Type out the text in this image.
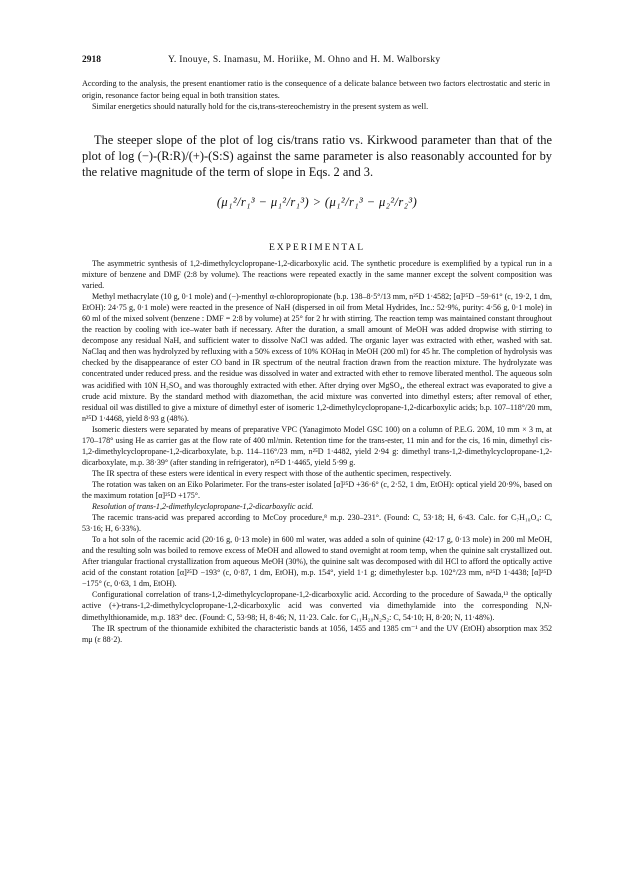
2918	Y. Inouye, S. Inamasu, M. Horiike, M. Ohno and H. M. Walborsky

According to the analysis, the present enantiomer ratio is the consequence of a delicate balance between two factors electrostatic and steric in origin, resonance factor being equal in both transition states.

Similar energetics should naturally hold for the cis,trans-stereochemistry in the present system as well.

The steeper slope of the plot of log cis/trans ratio vs. Kirkwood parameter than that of the plot of log (−)-(R:R)/(+)-(S:S) against the same parameter is also reasonably accounted for by the relative magnitude of the term of slope in Eqs. 2 and 3.

(μ₁²/r₁³ − μ₁²/r₁³) > (μ₁²/r₁³ − μ₂²/r₂³)
EXPERIMENTAL

The asymmetric synthesis of 1,2-dimethylcyclopropane-1,2-dicarboxylic acid. The synthetic procedure is exemplified by a typical run in a mixture of benzene and DMF (2:8 by volume). The reactions were repeated exactly in the same manner except the solvent composition was varied.

Methyl methacrylate (10 g, 0·1 mole) and (−)-menthyl α-chloropropionate (b.p. 138–8·5°/13 mm, n²⁵D 1·4582; [α]²⁵D −59·61° (c, 19·2, 1 dm, EtOH): 24·75 g, 0·1 mole) were reacted in the presence of NaH (dispersed in oil from Metal Hydrides, Inc.: 52·9%, purity: 4·56 g, 0·1 mole) in 60 ml of the mixed solvent (benzene : DMF = 2:8 by volume) at 25° for 2 hr with stirring. The reaction temp was maintained constant throughout the reaction by cooling with ice–water bath if necessary. After the duration, a small amount of MeOH was added dropwise with stirring to decompose any residual NaH, and sufficient water to dissolve NaCl was added. The organic layer was extracted with ether, washed with sat. NaClaq and then was hydrolyzed by refluxing with a 50% excess of 10% KOHaq in MeOH (200 ml) for 45 hr. The completion of hydrolysis was checked by the disappearance of ester CO band in IR spectrum of the neutral fraction drawn from the reaction mixture. The hydrolyzate was concentrated under reduced press. and the residue was dissolved in water and extracted with ether to remove liberated menthol. The aqueous soln was acidified with 10N H₂SO₄ and was thoroughly extracted with ether. After drying over MgSO₄, the ethereal extract was evaporated to give a crude acid mixture. By the standard method with diazomethan, the acid mixture was converted into dimethyl esters; after removal of ether, residual oil was distilled to give a mixture of dimethyl ester of isomeric 1,2-dimethylcyclopropane-1,2-dicarboxylic acids; b.p. 107–118°/20 mm, n²⁵D 1·4468, yield 8·93 g (48%).

Isomeric diesters were separated by means of preparative VPC (Yanagimoto Model GSC 100) on a column of P.E.G. 20M, 10 mm × 3 m, at 170–178° using He as carrier gas at the flow rate of 400 ml/min. Retention time for the trans-ester, 11 min and for the cis, 16 min, dimethyl cis-1,2-dimethylcyclopropane-1,2-dicarboxylate, b.p. 114–116°/23 mm, n²⁵D 1·4482, yield 2·94 g: dimethyl trans-1,2-dimethylcyclopropane-1,2-dicarboxylate, m.p. 38·39° (after standing in refrigerator), n²⁵D 1·4465, yield 5·99 g.

The IR spectra of these esters were identical in every respect with those of the authentic specimen, respectively.

The rotation was taken on an Eiko Polarimeter. For the trans-ester isolated [α]²⁵D +36·6° (c, 2·52, 1 dm, EtOH): optical yield 20·9%, based on the maximum rotation [α]²⁵D +175°.

Resolution of trans-1,2-dimethylcyclopropane-1,2-dicarboxylic acid.

The racemic trans-acid was prepared according to McCoy procedure,⁸ m.p. 230–231°. (Found: C, 53·18; H, 6·43. Calc. for C₇H₁₀O₄: C, 53·16; H, 6·33%).

To a hot soln of the racemic acid (20·16 g, 0·13 mole) in 600 ml water, was added a soln of quinine (42·17 g, 0·13 mole) in 200 ml MeOH, and the resulting soln was boiled to remove excess of MeOH and allowed to stand overnight at room temp, when the quinine salt crystallized out. After triangular fractional crystallization from aqueous MeOH (30%), the quinine salt was decomposed with dil HCl to afford the optically active acid of the constant rotation [α]²⁵D −193° (c, 0·87, 1 dm, EtOH), m.p. 154°, yield 1·1 g; dimethylester b.p. 102°/23 mm, n²⁵D 1·4438; [α]²⁵D −175° (c, 0·63, 1 dm, EtOH).

Configurational correlation of trans-1,2-dimethylcyclopropane-1,2-dicarboxylic acid. According to the procedure of Sawada,¹³ the optically active (+)-trans-1,2-dimethylcyclopropane-1,2-dicarboxylic acid was converted via dimethylamide into the corresponding N,N-dimethylthionamide, m.p. 183° dec. (Found: C, 53·98; H, 8·46; N, 11·23. Calc. for C₁₁H₂₀N₂S₂: C, 54·10; H, 8·20; N, 11·48%).

The IR spectrum of the thionamide exhibited the characteristic bands at 1056, 1455 and 1385 cm⁻¹ and the UV (EtOH) absorption max 352 mμ (ε 88·2).
